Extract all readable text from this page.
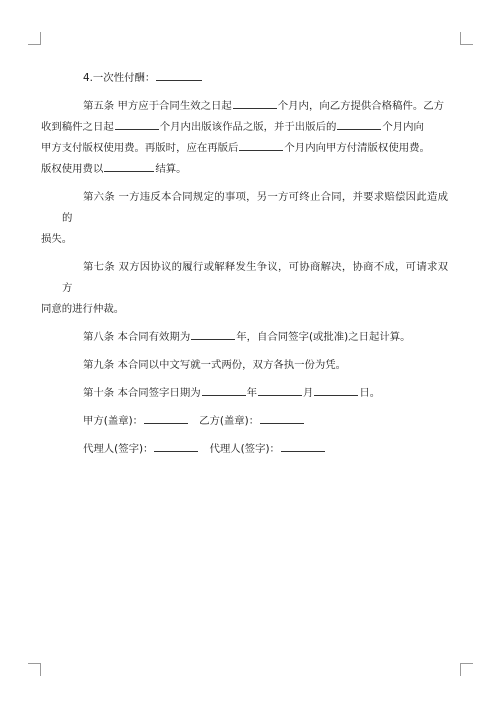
4.一次性付酬：

第五条 甲方应于合同生效之日起	个月内，向乙方提供合格稿件。乙方
收到稿件之日起	个月内出版该作品之版，并于出版后的	个月内向
甲方支付版权使用费。再版时，应在再版后	个月内向甲方付清版权使用费。
版权使用费以	结算。

第六条 一方违反本合同规定的事项，另一方可终止合同，并要求赔偿因此造成的
损失。

第七条 双方因协议的履行或解释发生争议，可协商解决，协商不成，可请求双方
同意的进行仲裁。

第八条 本合同有效期为	年，自合同签字(或批准)之日起计算。

第九条 本合同以中文写就一式两份，双方各执一份为凭。

第十条 本合同签字日期为	年	月	日。

甲方(盖章)：	乙方(盖章)：

代理人(签字)：	代理人(签字)：
